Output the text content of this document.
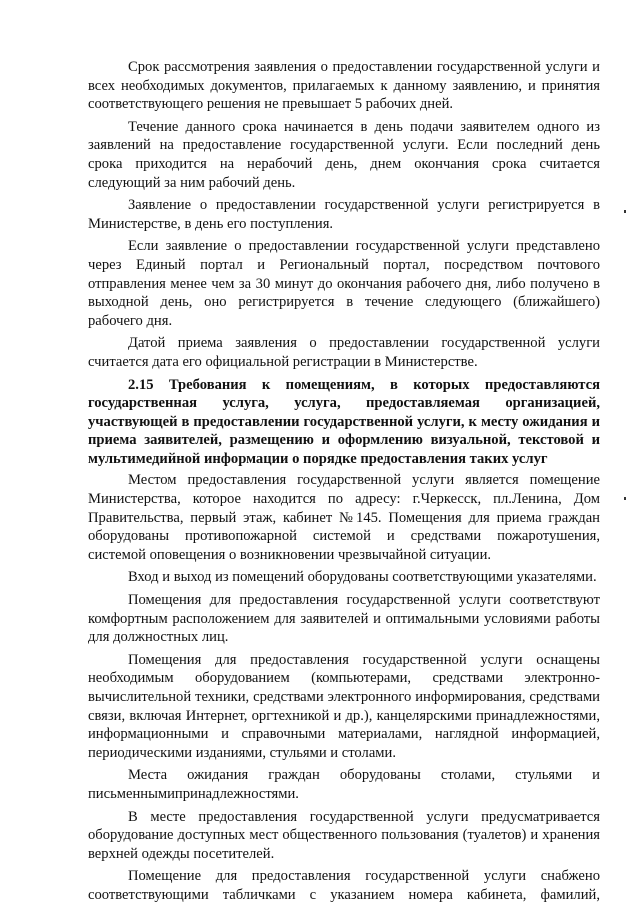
Срок рассмотрения заявления о предоставлении государственной услуги и всех необходимых документов, прилагаемых к данному заявлению, и принятия соответствующего решения не превышает 5 рабочих дней.

Течение данного срока начинается в день подачи заявителем одного из заявлений на предоставление государственной услуги. Если последний день срока приходится на нерабочий день, днем окончания срока считается следующий за ним рабочий день.

Заявление о предоставлении государственной услуги регистрируется в Министерстве, в день его поступления.

Если заявление о предоставлении государственной услуги представлено через Единый портал и Региональный портал, посредством почтового отправления менее чем за 30 минут до окончания рабочего дня, либо получено в выходной день, оно регистрируется в течение следующего (ближайшего) рабочего дня.

Датой приема заявления о предоставлении государственной услуги считается дата его официальной регистрации в Министерстве.

2.15 Требования к помещениям, в которых предоставляются государственная услуга, услуга, предоставляемая организацией, участвующей в предоставлении государственной услуги, к месту ожидания и приема заявителей, размещению и оформлению визуальной, текстовой и мультимедийной информации о порядке предоставления таких услуг

Местом предоставления государственной услуги является помещение Министерства, которое находится по адресу: г.Черкесск, пл.Ленина, Дом Правительства, первый этаж, кабинет №145. Помещения для приема граждан оборудованы противопожарной системой и средствами пожаротушения, системой оповещения о возникновении чрезвычайной ситуации.

Вход и выход из помещений оборудованы соответствующими указателями.

Помещения для предоставления государственной услуги соответствуют комфортным расположением для заявителей и оптимальными условиями работы для должностных лиц.

Помещения для предоставления государственной услуги оснащены необходимым оборудованием (компьютерами, средствами электронно-вычислительной техники, средствами электронного информирования, средствами связи, включая Интернет, оргтехникой и др.), канцелярскими принадлежностями, информационными и справочными материалами, наглядной информацией, периодическими изданиями, стульями и столами.

Места ожидания граждан оборудованы столами, стульями и письменнымипринадлежностями.

В месте предоставления государственной услуги предусматривается оборудование доступных мест общественного пользования (туалетов) и хранения верхней одежды посетителей.

Помещение для предоставления государственной услуги снабжено соответствующими табличками с указанием номера кабинета, фамилий,
